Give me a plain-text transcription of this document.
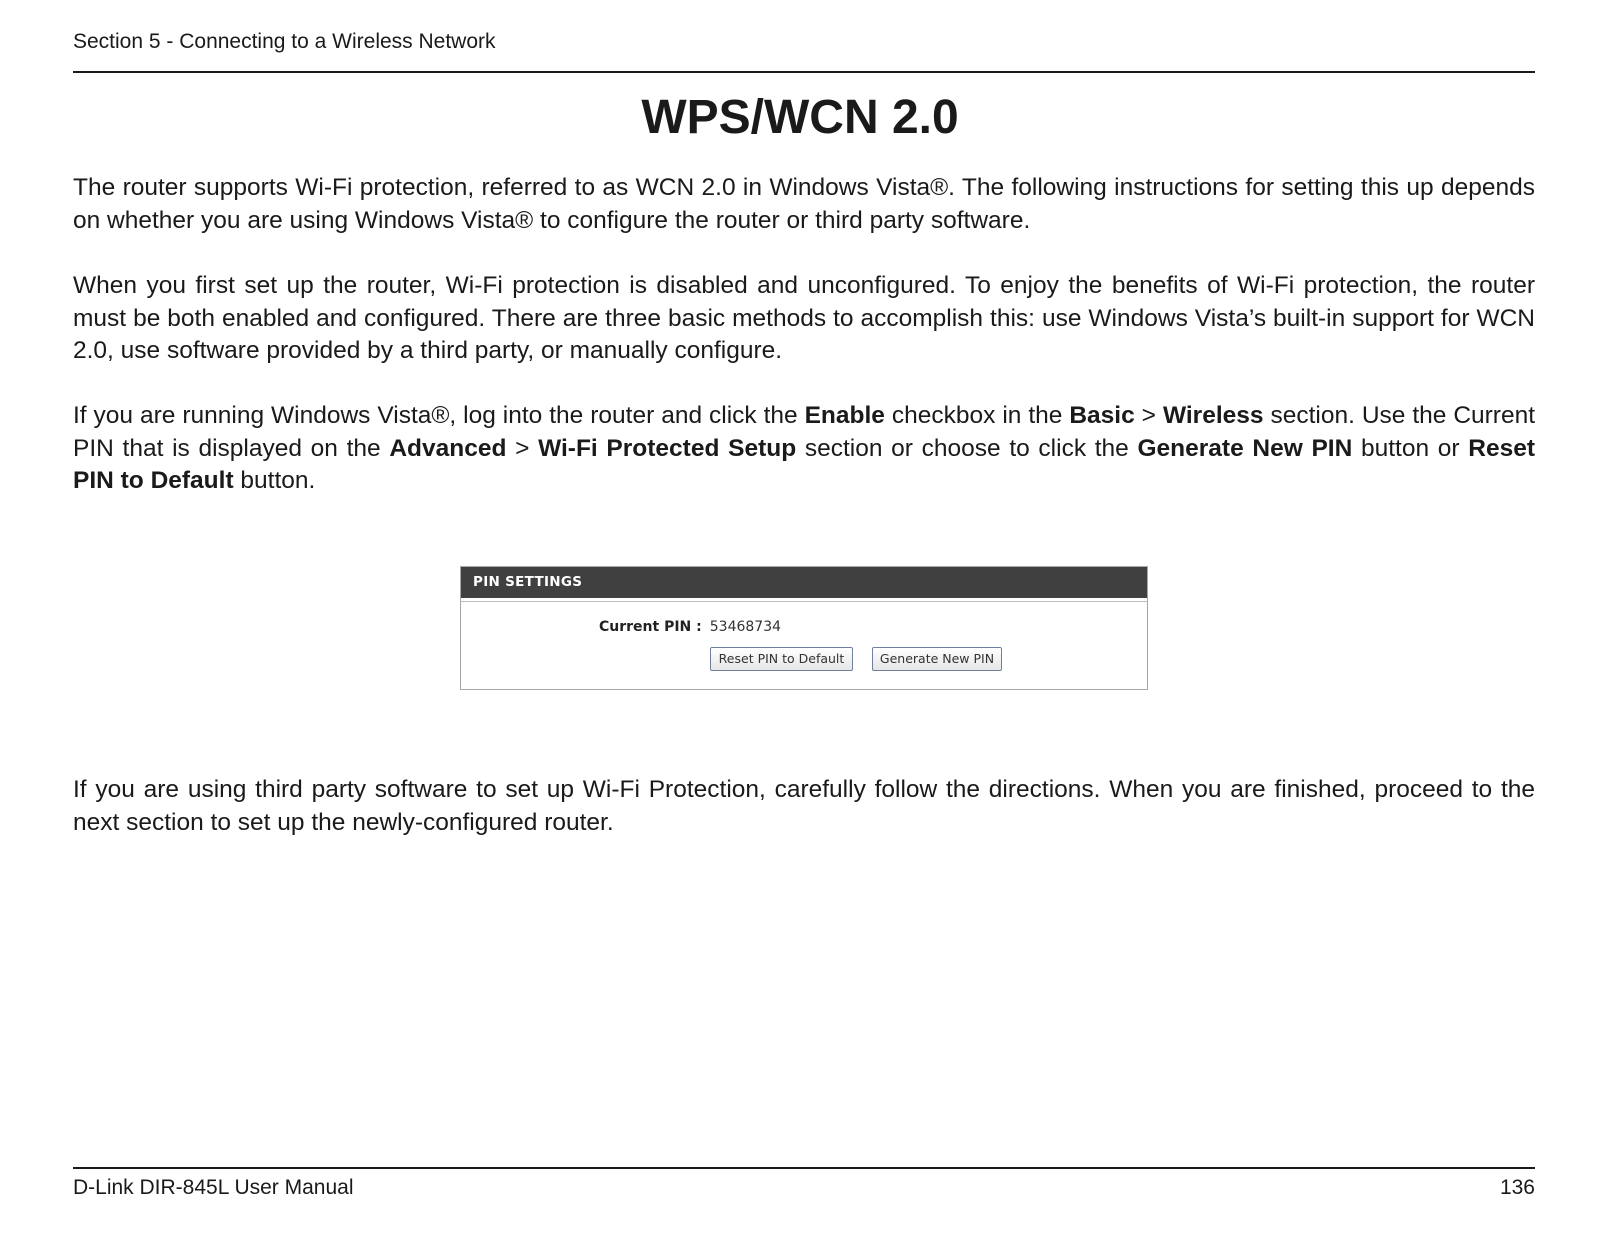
Section 5 - Connecting to a Wireless Network
WPS/WCN 2.0

The router supports Wi-Fi protection, referred to as WCN 2.0 in Windows Vista®. The following instructions for setting this up depends on whether you are using Windows Vista® to configure the router or third party software.

When you first set up the router, Wi-Fi protection is disabled and unconfigured. To enjoy the benefits of Wi-Fi protection, the router must be both enabled and configured. There are three basic methods to accomplish this: use Windows Vista’s built-in support for WCN 2.0, use software provided by a third party, or manually configure.

If you are running Windows Vista®, log into the router and click the Enable checkbox in the Basic > Wireless section. Use the Current PIN that is displayed on the Advanced > Wi-Fi Protected Setup section or choose to click the Generate New PIN button or Reset PIN to Default button.

PIN SETTINGS
Current PIN : 53468734
Reset PIN to Default	Generate New PIN

If you are using third party software to set up Wi-Fi Protection, carefully follow the directions. When you are finished, proceed to the next section to set up the newly-configured router.

D-Link DIR-845L User Manual	136
